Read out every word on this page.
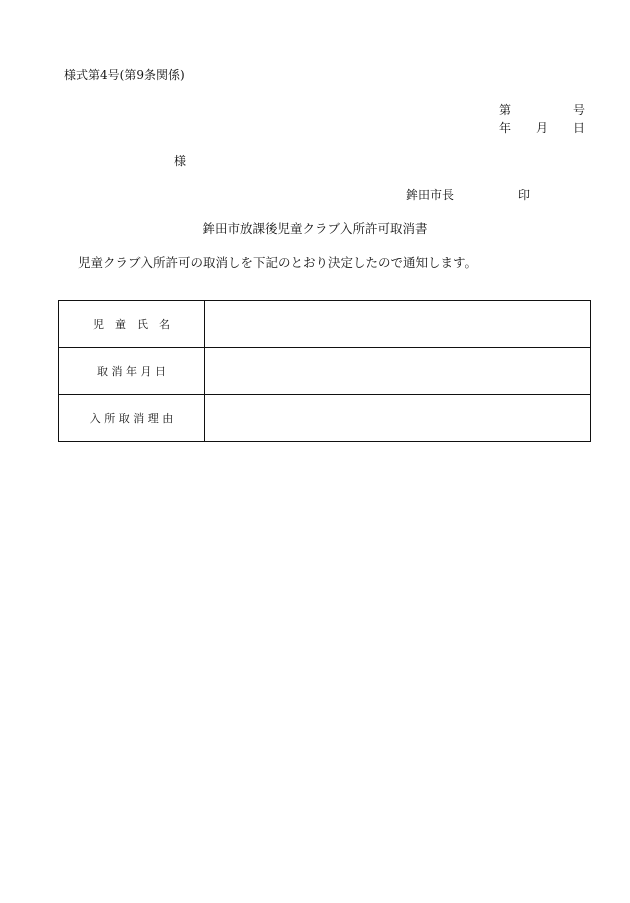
様式第4号(第9条関係)
第	号
年 月 日
様
鉾田市長	印
鉾田市放課後児童クラブ入所許可取消書
児童クラブ入所許可の取消しを下記のとおり決定したので通知します。
児　童　氏　名	
取 消 年 月 日	
入 所 取 消 理 由	
